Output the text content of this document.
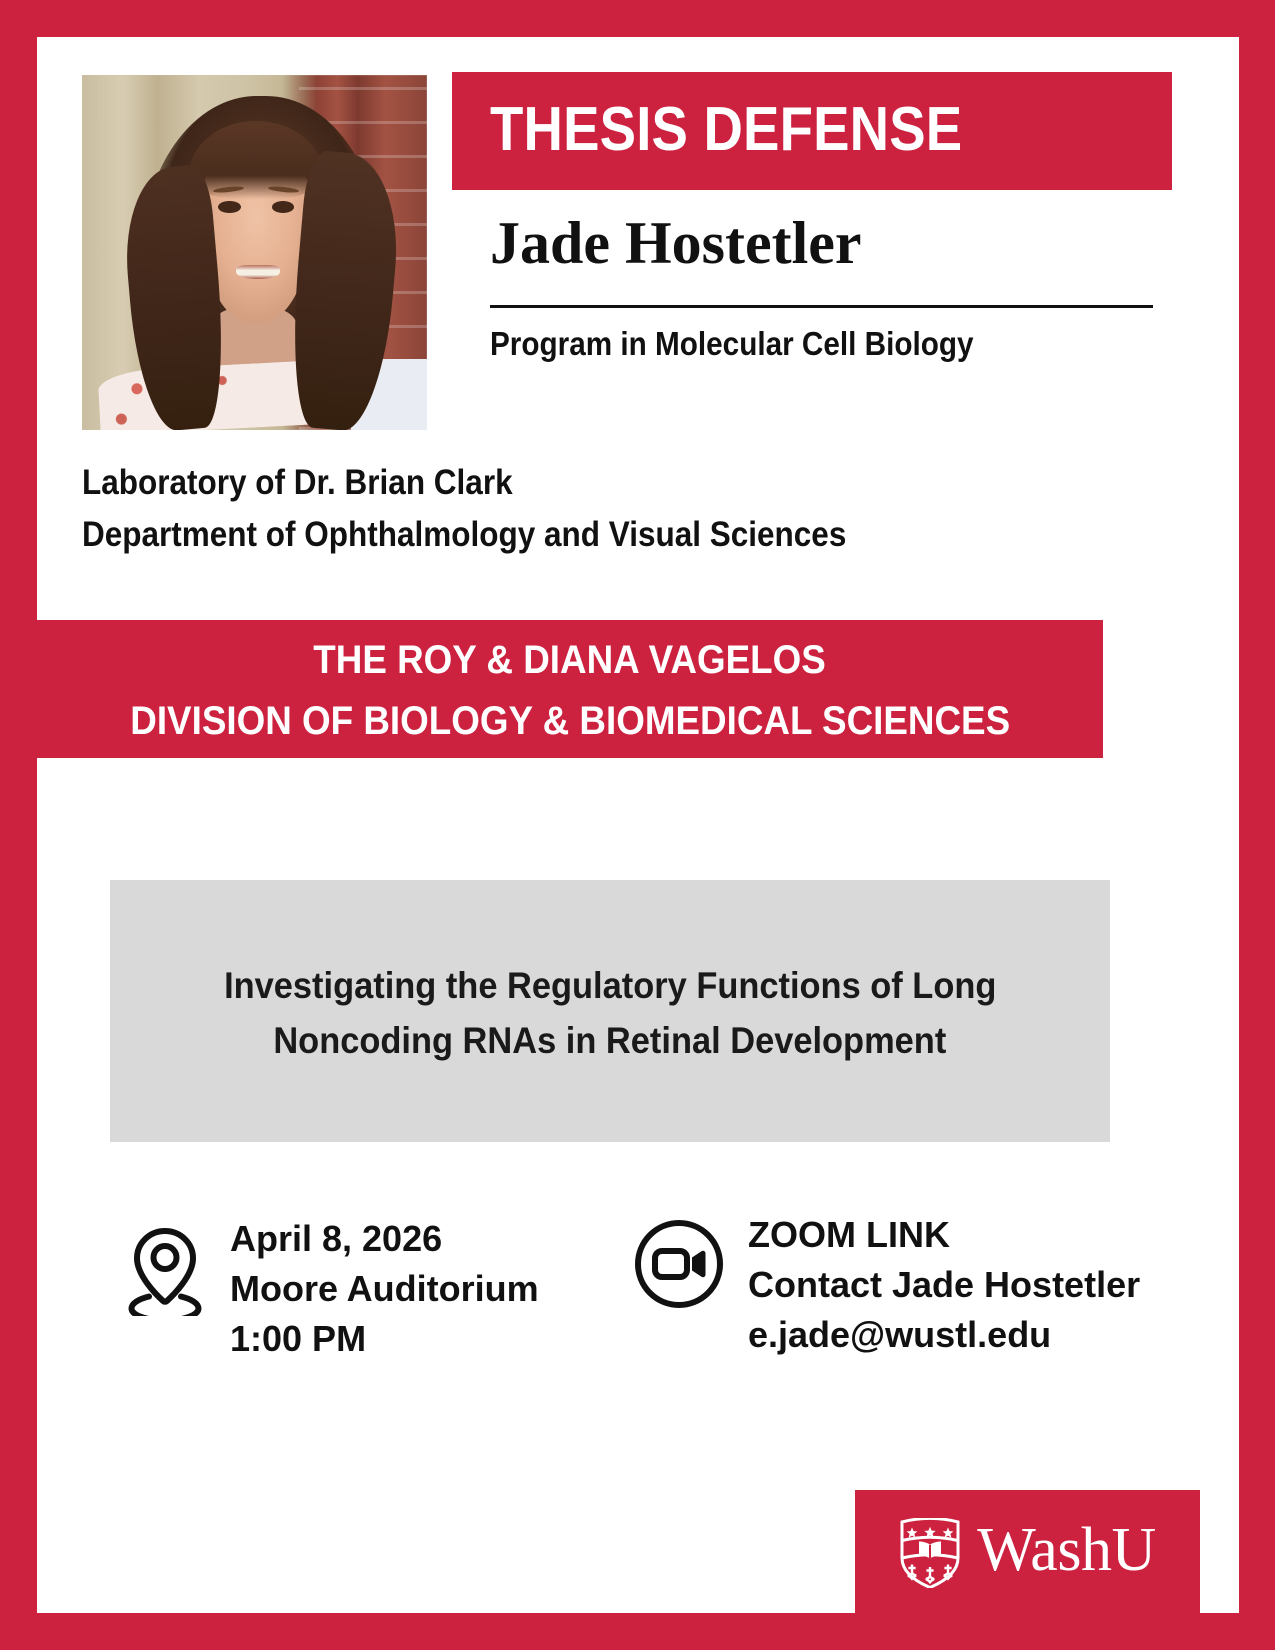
THESIS DEFENSE
Jade Hostetler
Program in Molecular Cell Biology
Laboratory of Dr. Brian Clark
Department of Ophthalmology and Visual Sciences
THE ROY & DIANA VAGELOS
DIVISION OF BIOLOGY & BIOMEDICAL SCIENCES
Investigating the Regulatory Functions of Long
Noncoding RNAs in Retinal Development
April 8, 2026
Moore Auditorium
1:00 PM
ZOOM LINK
Contact Jade Hostetler
e.jade@wustl.edu
WashU
